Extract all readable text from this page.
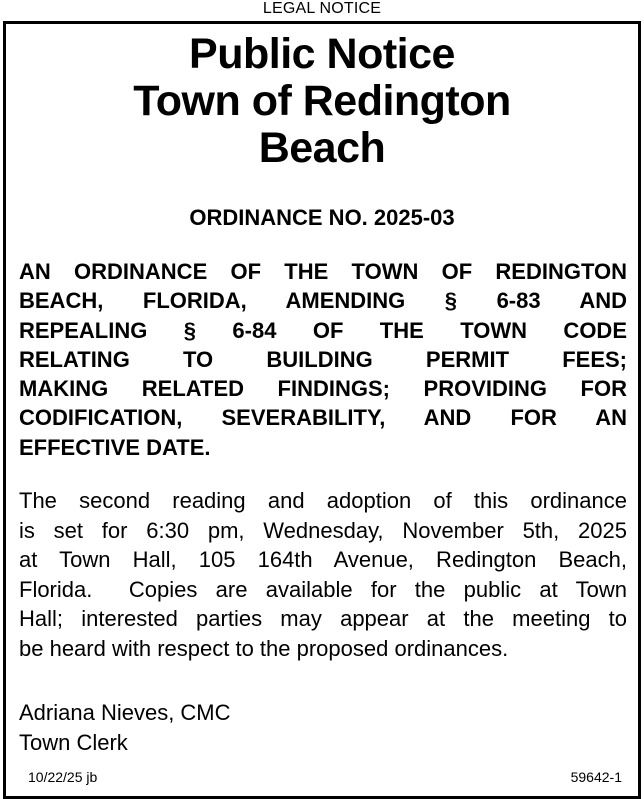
LEGAL NOTICE
Public Notice
Town of Redington
Beach
ORDINANCE NO. 2025-03
AN ORDINANCE OF THE TOWN OF REDINGTON
BEACH, FLORIDA, AMENDING § 6-83 AND
REPEALING § 6-84 OF THE TOWN CODE
RELATING TO BUILDING PERMIT FEES;
MAKING RELATED FINDINGS; PROVIDING FOR
CODIFICATION, SEVERABILITY, AND FOR AN
EFFECTIVE DATE.
The second reading and adoption of this ordinance
is set for 6:30 pm, Wednesday, November 5th, 2025
at Town Hall, 105 164th Avenue, Redington Beach,
Florida.  Copies are available for the public at Town
Hall; interested parties may appear at the meeting to
be heard with respect to the proposed ordinances.
Adriana Nieves, CMC
Town Clerk
10/22/25 jb	59642-1
